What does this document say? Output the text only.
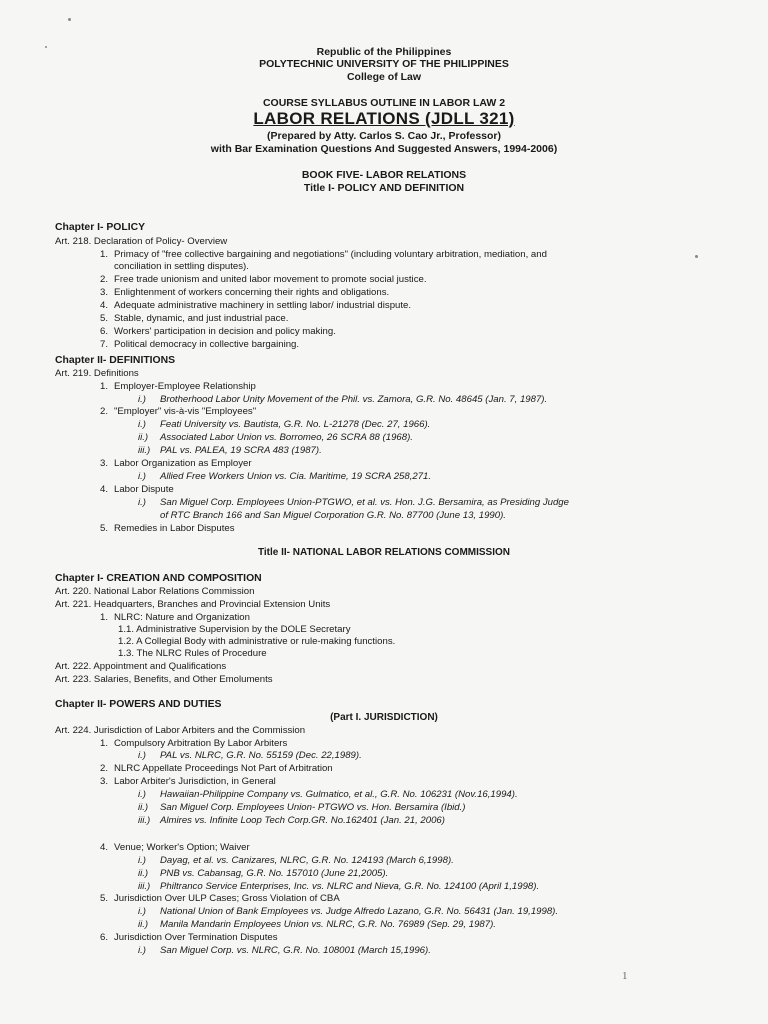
Republic of the Philippines
POLYTECHNIC UNIVERSITY OF THE PHILIPPINES
College of Law
COURSE SYLLABUS OUTLINE IN LABOR LAW 2
LABOR RELATIONS (JDLL 321)
(Prepared by Atty. Carlos S. Cao Jr., Professor)
with Bar Examination Questions And Suggested Answers, 1994-2006)
BOOK FIVE- LABOR RELATIONS
Title I- POLICY AND DEFINITION
Chapter I- POLICY
Art. 218. Declaration of Policy- Overview
1. Primacy of "free collective bargaining and negotiations" (including voluntary arbitration, mediation, and
conciliation in settling disputes).
2. Free trade unionism and united labor movement to promote social justice.
3. Enlightenment of workers concerning their rights and obligations.
4. Adequate administrative machinery in settling labor/ industrial dispute.
5. Stable, dynamic, and just industrial pace.
6. Workers' participation in decision and policy making.
7. Political democracy in collective bargaining.
Chapter II- DEFINITIONS
Art. 219. Definitions
1. Employer-Employee Relationship
i.) Brotherhood Labor Unity Movement of the Phil. vs. Zamora, G.R. No. 48645 (Jan. 7, 1987).
2. "Employer" vis-à-vis "Employees"
i.) Feati University vs. Bautista, G.R. No. L-21278 (Dec. 27, 1966).
ii.) Associated Labor Union vs. Borromeo, 26 SCRA 88 (1968).
iii.) PAL vs. PALEA, 19 SCRA 483 (1987).
3. Labor Organization as Employer
i.) Allied Free Workers Union vs. Cia. Maritime, 19 SCRA 258,271.
4. Labor Dispute
i.) San Miguel Corp. Employees Union-PTGWO, et al. vs. Hon. J.G. Bersamira, as Presiding Judge
of RTC Branch 166 and San Miguel Corporation G.R. No. 87700 (June 13, 1990).
5. Remedies in Labor Disputes
Title II- NATIONAL LABOR RELATIONS COMMISSION
Chapter I- CREATION AND COMPOSITION
Art. 220. National Labor Relations Commission
Art. 221. Headquarters, Branches and Provincial Extension Units
1. NLRC: Nature and Organization
1.1. Administrative Supervision by the DOLE Secretary
1.2. A Collegial Body with administrative or rule-making functions.
1.3. The NLRC Rules of Procedure
Art. 222. Appointment and Qualifications
Art. 223. Salaries, Benefits, and Other Emoluments
Chapter II- POWERS AND DUTIES
(Part I. JURISDICTION)
Art. 224. Jurisdiction of Labor Arbiters and the Commission
1. Compulsory Arbitration By Labor Arbiters
i.) PAL vs. NLRC, G.R. No. 55159 (Dec. 22,1989).
2. NLRC Appellate Proceedings Not Part of Arbitration
3. Labor Arbiter's Jurisdiction, in General
i.) Hawaiian-Philippine Company vs. Gulmatico, et al., G.R. No. 106231 (Nov.16,1994).
ii.) San Miguel Corp. Employees Union- PTGWO vs. Hon. Bersamira (Ibid.)
iii.) Almires vs. Infinite Loop Tech Corp.GR. No.162401 (Jan. 21, 2006)
4. Venue; Worker's Option; Waiver
i.) Dayag, et al. vs. Canizares, NLRC, G.R. No. 124193 (March 6,1998).
ii.) PNB vs. Cabansag, G.R. No. 157010 (June 21,2005).
iii.) Philtranco Service Enterprises, Inc. vs. NLRC and Nieva, G.R. No. 124100 (April 1,1998).
5. Jurisdiction Over ULP Cases; Gross Violation of CBA
i.) National Union of Bank Employees vs. Judge Alfredo Lazano, G.R. No. 56431 (Jan. 19,1998).
ii.) Manila Mandarin Employees Union vs. NLRC, G.R. No. 76989 (Sep. 29, 1987).
6. Jurisdiction Over Termination Disputes
i.) San Miguel Corp. vs. NLRC, G.R. No. 108001 (March 15,1996).
1
